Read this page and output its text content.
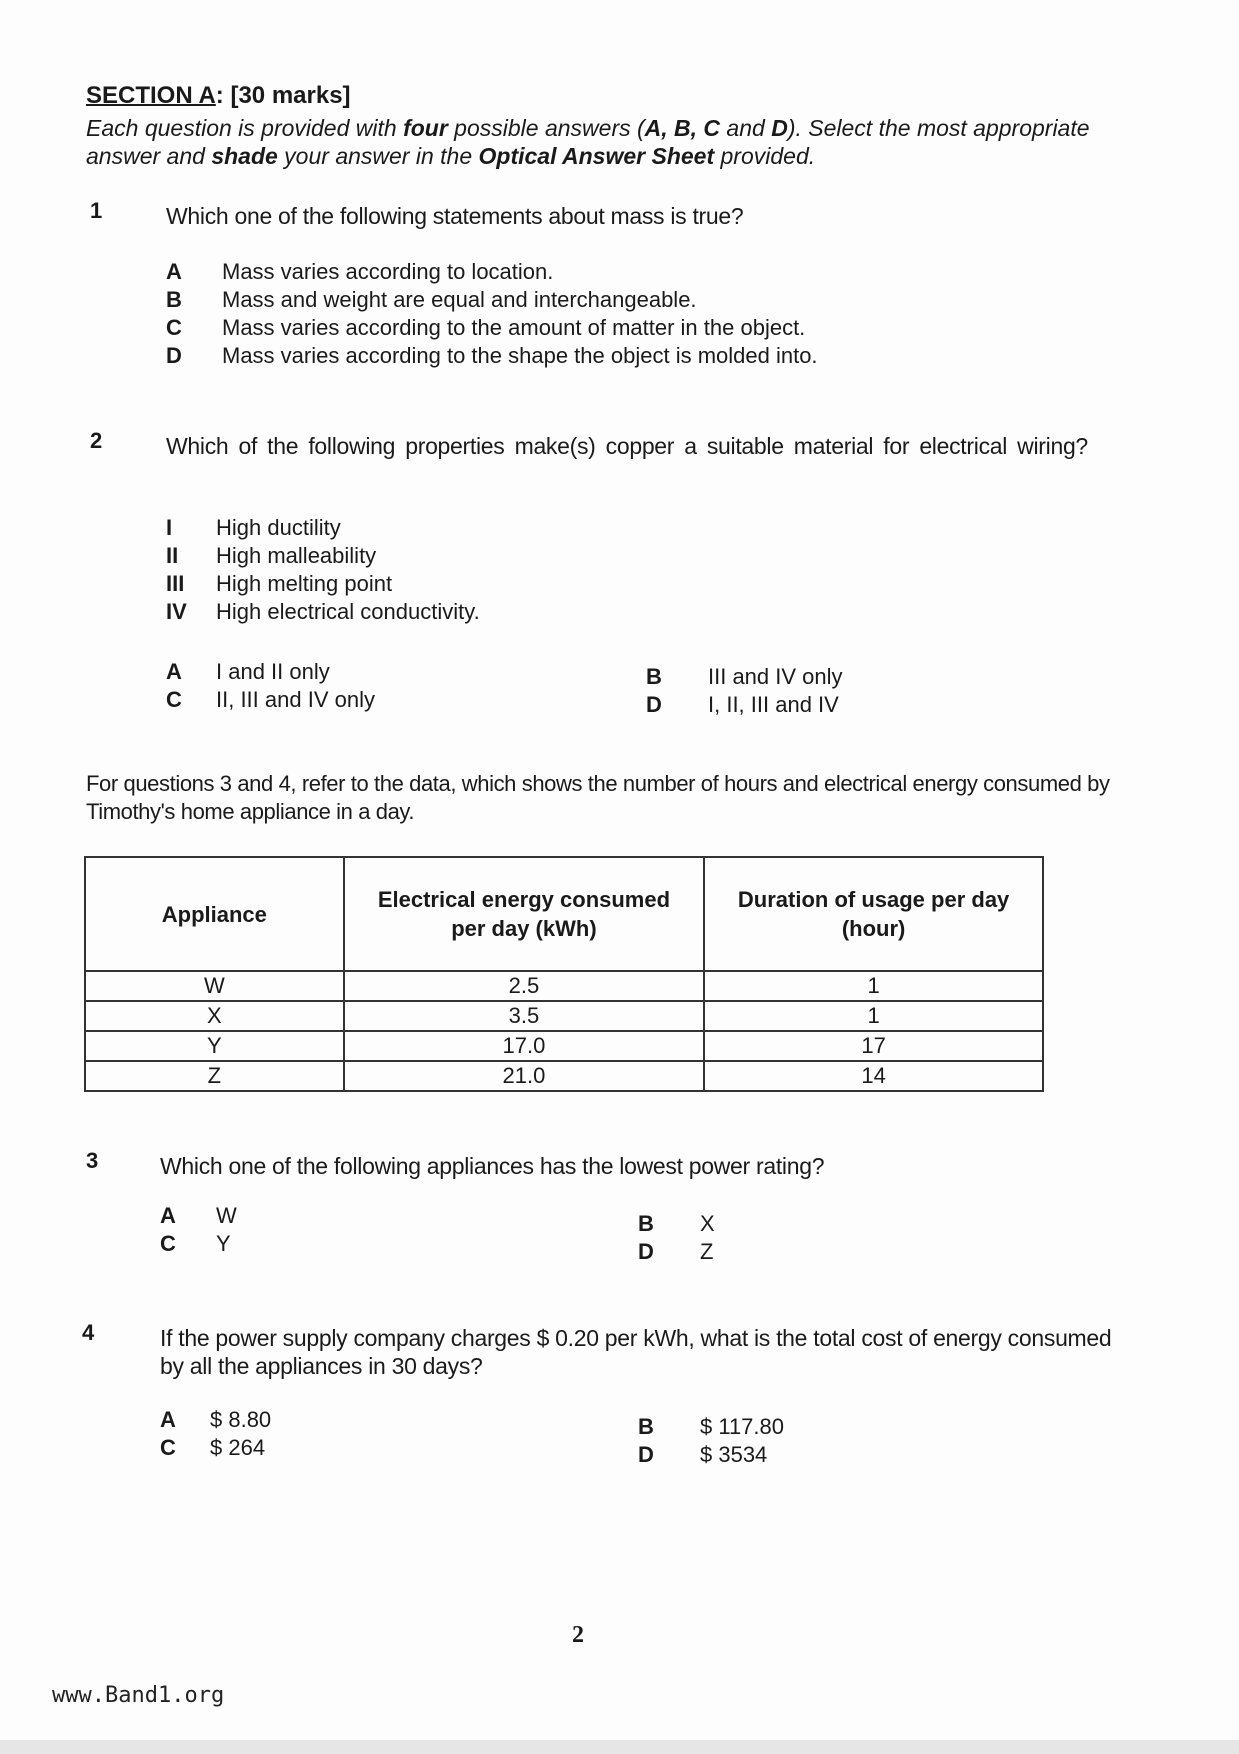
SECTION A: [30 marks]
Each question is provided with four possible answers (A, B, C and D). Select the most appropriate answer and shade your answer in the Optical Answer Sheet provided.
1	Which one of the following statements about mass is true?
A	Mass varies according to location.
B	Mass and weight are equal and interchangeable.
C	Mass varies according to the amount of matter in the object.
D	Mass varies according to the shape the object is molded into.
2	Which of the following properties make(s) copper a suitable material for electrical wiring?
I	High ductility
II	High malleability
III	High melting point
IV	High electrical conductivity.
A	I and II only
C	II, III and IV only
B	III and IV only
D	I, II, III and IV
For questions 3 and 4, refer to the data, which shows the number of hours and electrical energy consumed by Timothy's home appliance in a day.
Appliance	Electrical energy consumed per day (kWh)	Duration of usage per day (hour)
W	2.5	1
X	3.5	1
Y	17.0	17
Z	21.0	14
3	Which one of the following appliances has the lowest power rating?
A	W
C	Y
B	X
D	Z
4	If the power supply company charges $ 0.20 per kWh, what is the total cost of energy consumed by all the appliances in 30 days?
A	$ 8.80
C	$ 264
B	$ 117.80
D	$ 3534
2
www.Band1.org
